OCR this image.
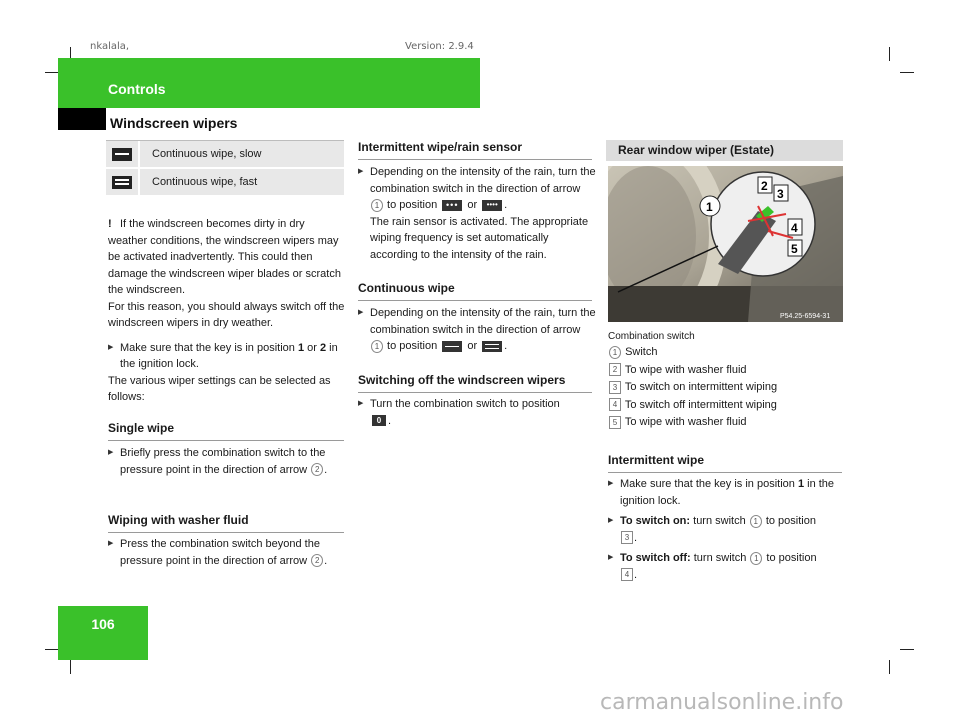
nkalala,	Version: 2.9.4
Controls
Windscreen wipers
Continuous wipe, slow
Continuous wipe, fast
! If the windscreen becomes dirty in dry weather conditions, the windscreen wipers may be activated inadvertently. This could then damage the windscreen wiper blades or scratch the windscreen.
For this reason, you should always switch off the windscreen wipers in dry weather.
▶ Make sure that the key is in position 1 or 2 in the ignition lock.
The various wiper settings can be selected as follows:
Single wipe
▶ Briefly press the combination switch to the pressure point in the direction of arrow 2 .
Wiping with washer fluid
▶ Press the combination switch beyond the pressure point in the direction of arrow 2 .
Intermittent wipe/rain sensor
▶ Depending on the intensity of the rain, turn the combination switch in the direction of arrow 1 to position ••• or ••••.
The rain sensor is activated. The appropriate wiping frequency is set automatically according to the intensity of the rain.
Continuous wipe
▶ Depending on the intensity of the rain, turn the combination switch in the direction of arrow 1 to position  or .
Switching off the windscreen wipers
▶ Turn the combination switch to position
0.
Rear window wiper (Estate)
2
3
4
5
1
P54.25-6594-31
Combination switch
1 Switch
2 To wipe with washer fluid
3 To switch on intermittent wiping
4 To switch off intermittent wiping
5 To wipe with washer fluid
Intermittent wipe
▶ Make sure that the key is in position 1 in the ignition lock.
▶ To switch on: turn switch 1 to position
3 .
▶ To switch off: turn switch 1 to position
4 .
106
carmanualsonline.info
